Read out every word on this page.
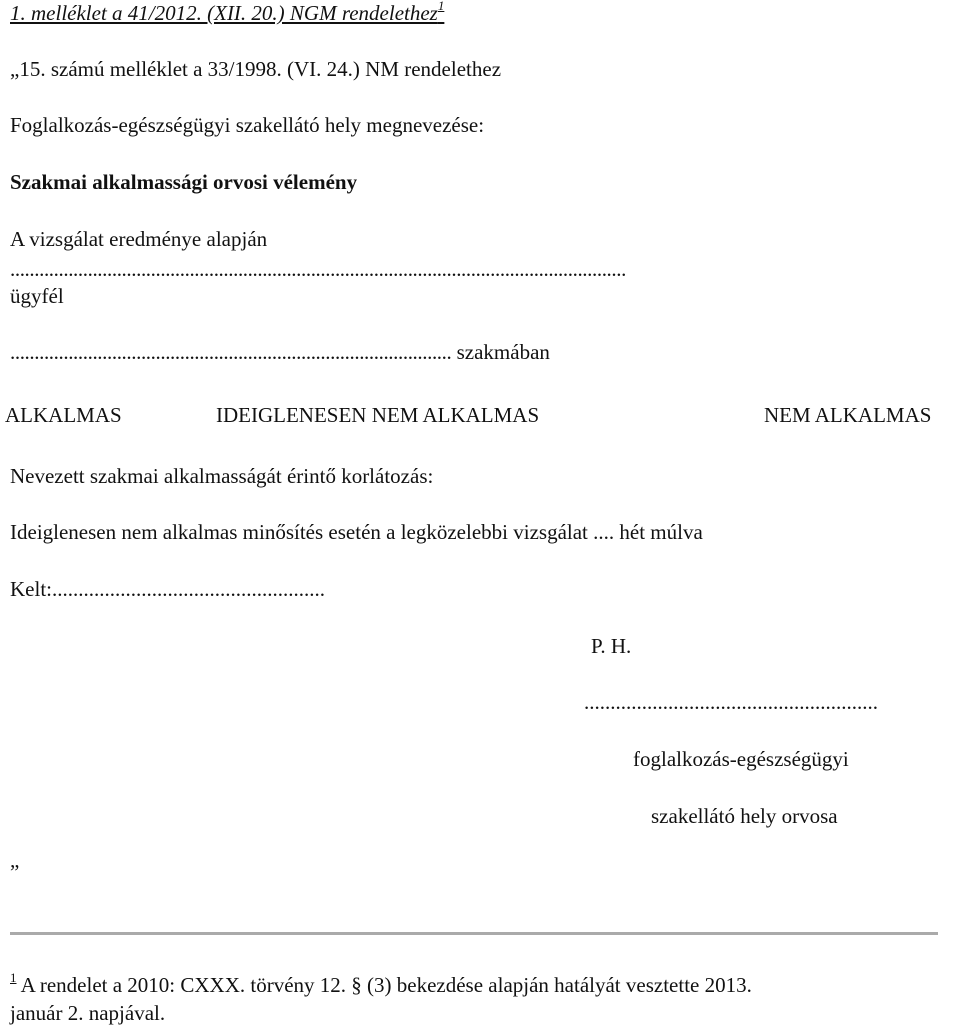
1. melléklet a 41/2012. (XII. 20.) NGM rendelethez$^1$
„15. számú melléklet a 33/1998. (VI. 24.) NM rendelethez
Foglalkozás-egészségügyi szakellátó hely megnevezése:
Szakmai alkalmassági orvosi vélemény
A vizsgálat eredménye alapján
...............................................................................................................................
ügyfél
........................................................................................... szakmában
ALKALMAS	IDEIGLENESEN NEM ALKALMAS	NEM ALKALMAS
Nevezett szakmai alkalmasságát érintő korlátozás:
Ideiglenesen nem alkalmas minősítés esetén a legközelebbi vizsgálat .... hét múlva
Kelt:....................................................
P. H.
........................................................
foglalkozás-egészségügyi
szakellátó hely orvosa
„
$^1$ A rendelet a 2010: CXXX. törvény 12. § (3) bekezdése alapján hatályát vesztette 2013.
január 2. napjával.
